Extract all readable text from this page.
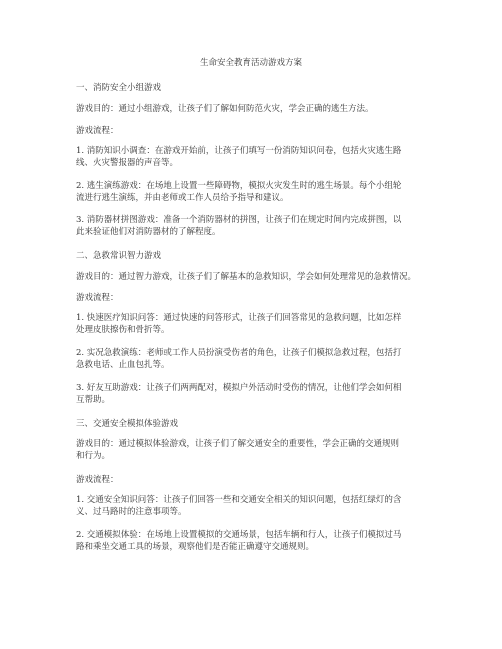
生命安全教育活动游戏方案
一、消防安全小组游戏
游戏目的：通过小组游戏，让孩子们了解如何防范火灾，学会正确的逃生方法。
游戏流程：
1. 消防知识小调查：在游戏开始前，让孩子们填写一份消防知识问卷，包括火灾逃生路线、火灾警报器的声音等。
2. 逃生演练游戏：在场地上设置一些障碍物，模拟火灾发生时的逃生场景。每个小组轮流进行逃生演练，并由老师或工作人员给予指导和建议。
3. 消防器材拼图游戏：准备一个消防器材的拼图，让孩子们在规定时间内完成拼图，以此来验证他们对消防器材的了解程度。
二、急救常识智力游戏
游戏目的：通过智力游戏，让孩子们了解基本的急救知识，学会如何处理常见的急救情况。
游戏流程：
1. 快速医疗知识问答：通过快速的问答形式，让孩子们回答常见的急救问题，比如怎样处理皮肤擦伤和骨折等。
2. 实况急救演练：老师或工作人员扮演受伤者的角色，让孩子们模拟急救过程，包括打急救电话、止血包扎等。
3. 好友互助游戏：让孩子们两两配对，模拟户外活动时受伤的情况，让他们学会如何相互帮助。
三、交通安全模拟体验游戏
游戏目的：通过模拟体验游戏，让孩子们了解交通安全的重要性，学会正确的交通规则和行为。
游戏流程：
1. 交通安全知识问答：让孩子们回答一些和交通安全相关的知识问题，包括红绿灯的含义、过马路时的注意事项等。
2. 交通模拟体验：在场地上设置模拟的交通场景，包括车辆和行人，让孩子们模拟过马路和乘坐交通工具的场景，观察他们是否能正确遵守交通规则。
